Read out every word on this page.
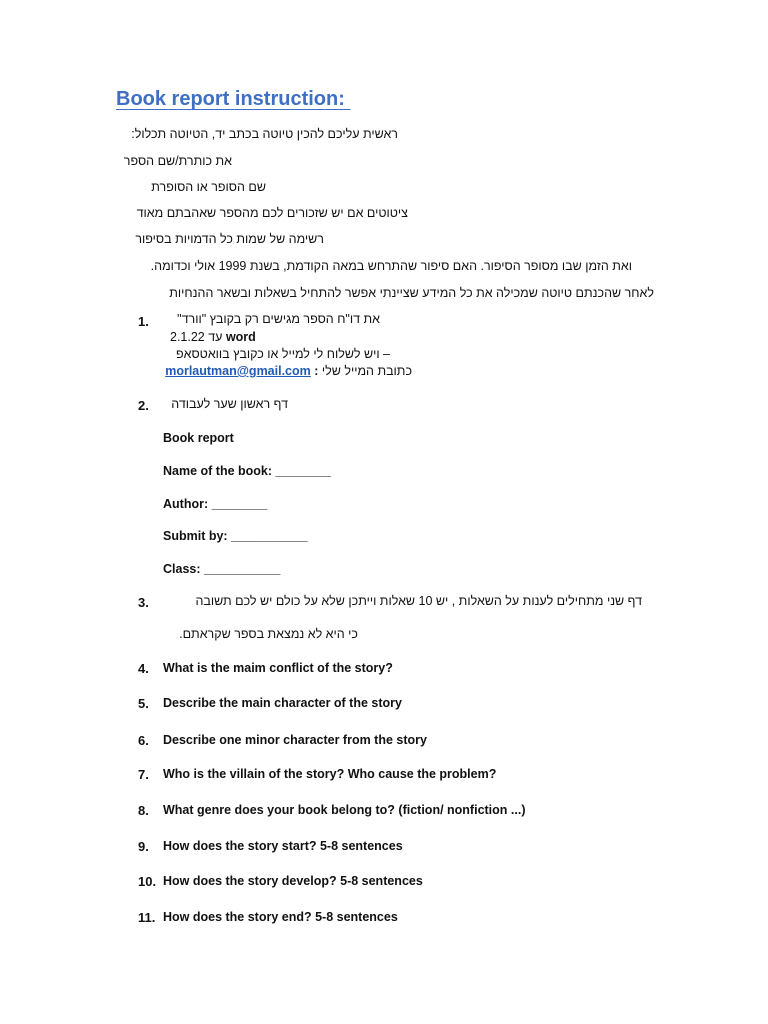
Book report instruction:
ראשית עליכם להכין טיוטה בכתב יד, הטיוטה תכלול:
את כותרת/שם הספר
שם הסופר או הסופרת
ציטוטים אם יש שזכורים לכם מהספר שאהבתם מאוד
רשימה של שמות כל הדמויות בסיפור
ואת הזמן שבו מסופר הסיפור. האם סיפור שהתרחש במאה הקודמת, בשנת 1999 אולי וכדומה.
לאחר שהכנתם טיוטה שמכילה את כל המידע שציינתי אפשר להתחיל בשאלות ובשאר ההנחיות
1.	את דו"ח הספר מגישים רק בקובץ "וורד"
2.1.22 עד word
– ויש לשלוח לי למייל או כקובץ בוואטסאפ
כתובת המייל שלי : morlautman@gmail.com
2.	דף ראשון שער לעבודה
Book report
Name of the book: ________
Author: ________
Submit by: ___________
Class: ___________
3.	דף שני מתחילים לענות על השאלות , יש 10 שאלות וייתכן שלא על כולם יש לכם תשובה
כי היא לא נמצאת בספר שקראתם.
4.	What is the maim conflict of the story?
5.	Describe the main character of the story
6.	Describe one minor character from the story
7.	Who is the villain of the story? Who cause the problem?
8.	What genre does your book belong to? (fiction/ nonfiction ...)
9.	How does the story start? 5-8 sentences
10. How does the story develop? 5-8 sentences
11. How does the story end? 5-8 sentences
